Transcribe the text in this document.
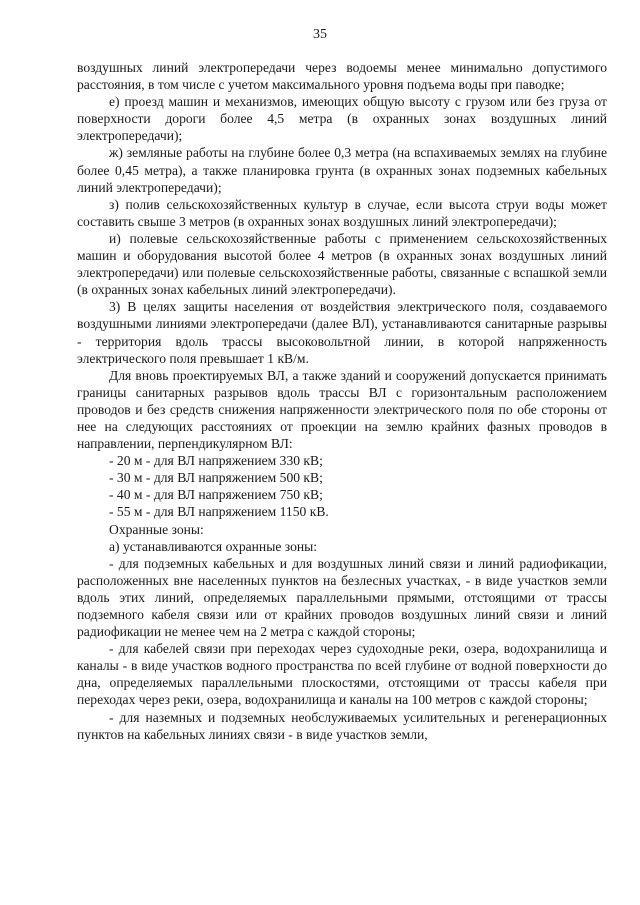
35

воздушных линий электропередачи через водоемы менее минимально допустимого расстояния, в том числе с учетом максимального уровня подъема воды при паводке;

е) проезд машин и механизмов, имеющих общую высоту с грузом или без груза от поверхности дороги более 4,5 метра (в охранных зонах воздушных линий электропередачи);

ж) земляные работы на глубине более 0,3 метра (на вспахиваемых землях на глубине более 0,45 метра), а также планировка грунта (в охранных зонах подземных кабельных линий электропередачи);

з) полив сельскохозяйственных культур в случае, если высота струи воды может составить свыше 3 метров (в охранных зонах воздушных линий электропередачи);

и) полевые сельскохозяйственные работы с применением сельскохозяйственных машин и оборудования высотой более 4 метров (в охранных зонах воздушных линий электропередачи) или полевые сельскохозяйственные работы, связанные с вспашкой земли (в охранных зонах кабельных линий электропередачи).

3) В целях защиты населения от воздействия электрического поля, создаваемого воздушными линиями электропередачи (далее ВЛ), устанавливаются санитарные разрывы - территория вдоль трассы высоковольтной линии, в которой напряженность электрического поля превышает 1 кВ/м.

Для вновь проектируемых ВЛ, а также зданий и сооружений допускается принимать границы санитарных разрывов вдоль трассы ВЛ с горизонтальным расположением проводов и без средств снижения напряженности электрического поля по обе стороны от нее на следующих расстояниях от проекции на землю крайних фазных проводов в направлении, перпендикулярном ВЛ:

- 20 м - для ВЛ напряжением 330 кВ;

- 30 м - для ВЛ напряжением 500 кВ;

- 40 м - для ВЛ напряжением 750 кВ;

- 55 м - для ВЛ напряжением 1150 кВ.

Охранные зоны:

а) устанавливаются охранные зоны:

- для подземных кабельных и для воздушных линий связи и линий радиофикации, расположенных вне населенных пунктов на безлесных участках, - в виде участков земли вдоль этих линий, определяемых параллельными прямыми, отстоящими от трассы подземного кабеля связи или от крайних проводов воздушных линий связи и линий радиофикации не менее чем на 2 метра с каждой стороны;

- для кабелей связи при переходах через судоходные реки, озера, водохранилища и каналы - в виде участков водного пространства по всей глубине от водной поверхности до дна, определяемых параллельными плоскостями, отстоящими от трассы кабеля при переходах через реки, озера, водохранилища и каналы на 100 метров с каждой стороны;

- для наземных и подземных необслуживаемых усилительных и регенерационных пунктов на кабельных линиях связи - в виде участков земли,
